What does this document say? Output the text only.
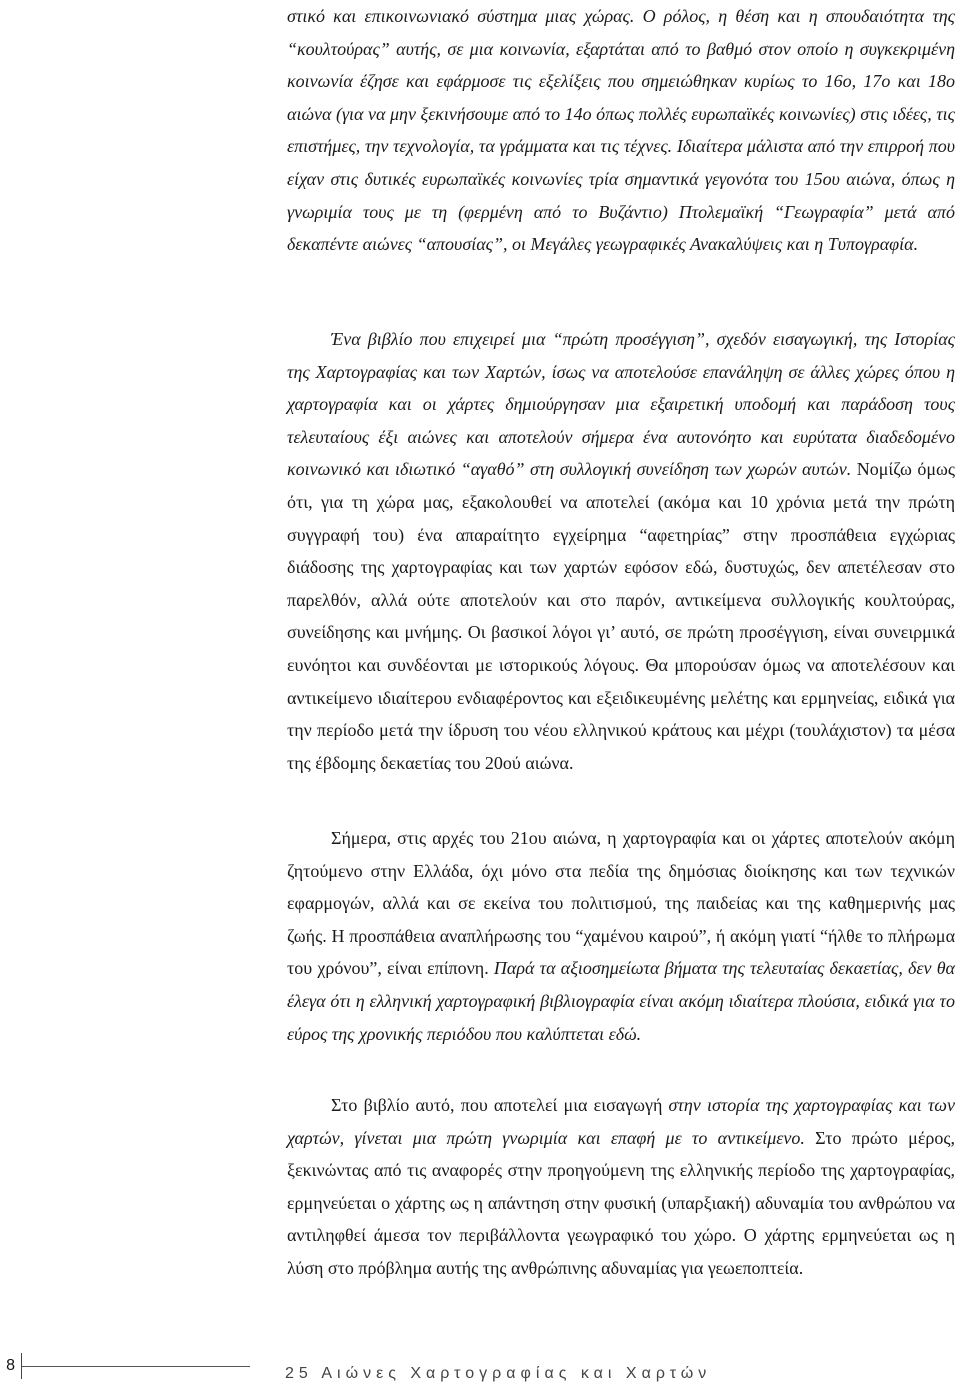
στικό και επικοινωνιακό σύστημα μιας χώρας. Ο ρόλος, η θέση και η σπουδαιότητα της “κουλτούρας” αυτής, σε μια κοινωνία, εξαρτάται από το βαθμό στον οποίο η συγκεκριμένη κοινωνία έζησε και εφάρμοσε τις εξελίξεις που σημειώθηκαν κυρίως το 16ο, 17ο και 18ο αιώνα (για να μην ξεκινήσουμε από το 14ο όπως πολλές ευρωπαϊκές κοινωνίες) στις ιδέες, τις επιστήμες, την τεχνολογία, τα γράμματα και τις τέχνες. Ιδιαίτερα μάλιστα από την επιρροή που είχαν στις δυτικές ευρωπαϊκές κοινωνίες τρία σημαντικά γεγονότα του 15ου αιώνα, όπως η γνωριμία τους με τη (φερμένη από το Βυζάντιο) Πτολεμαϊκή “Γεωγραφία” μετά από δεκαπέντε αιώνες “απουσίας”, οι Μεγάλες γεωγραφικές Ανακαλύψεις και η Τυπογραφία.

Ένα βιβλίο που επιχειρεί μια “πρώτη προσέγγιση”, σχεδόν εισαγωγική, της Ιστορίας της Χαρτογραφίας και των Χαρτών, ίσως να αποτελούσε επανάληψη σε άλλες χώρες όπου η χαρτογραφία και οι χάρτες δημιούργησαν μια εξαιρετική υποδομή και παράδοση τους τελευταίους έξι αιώνες και αποτελούν σήμερα ένα αυτονόητο και ευρύτατα διαδεδομένο κοινωνικό και ιδιωτικό “αγαθό” στη συλλογική συνείδηση των χωρών αυτών. Νομίζω όμως ότι, για τη χώρα μας, εξακολουθεί να αποτελεί (ακόμα και 10 χρόνια μετά την πρώτη συγγραφή του) ένα απαραίτητο εγχείρημα “αφετηρίας” στην προσπάθεια εγχώριας διάδοσης της χαρτογραφίας και των χαρτών εφόσον εδώ, δυστυχώς, δεν απετέλεσαν στο παρελθόν, αλλά ούτε αποτελούν και στο παρόν, αντικείμενα συλλογικής κουλτούρας, συνείδησης και μνήμης. Οι βασικοί λόγοι γι’ αυτό, σε πρώτη προσέγγιση, είναι συνειρμικά ευνόητοι και συνδέονται με ιστορικούς λόγους. Θα μπορούσαν όμως να αποτελέσουν και αντικείμενο ιδιαίτερου ενδιαφέροντος και εξειδικευμένης μελέτης και ερμηνείας, ειδικά για την περίοδο μετά την ίδρυση του νέου ελληνικού κράτους και μέχρι (τουλάχιστον) τα μέσα της έβδομης δεκαετίας του 20ού αιώνα.

Σήμερα, στις αρχές του 21ου αιώνα, η χαρτογραφία και οι χάρτες αποτελούν ακόμη ζητούμενο στην Ελλάδα, όχι μόνο στα πεδία της δημόσιας διοίκησης και των τεχνικών εφαρμογών, αλλά και σε εκείνα του πολιτισμού, της παιδείας και της καθημερινής μας ζωής. Η προσπάθεια αναπλήρωσης του “χαμένου καιρού”, ή ακόμη γιατί “ήλθε το πλήρωμα του χρόνου”, είναι επίπονη. Παρά τα αξιοσημείωτα βήματα της τελευταίας δεκαετίας, δεν θα έλεγα ότι η ελληνική χαρτογραφική βιβλιογραφία είναι ακόμη ιδιαίτερα πλούσια, ειδικά για το εύρος της χρονικής περιόδου που καλύπτεται εδώ.

Στο βιβλίο αυτό, που αποτελεί μια εισαγωγή στην ιστορία της χαρτογραφίας και των χαρτών, γίνεται μια πρώτη γνωριμία και επαφή με το αντικείμενο. Στο πρώτο μέρος, ξεκινώντας από τις αναφορές στην προηγούμενη της ελληνικής περίοδο της χαρτογραφίας, ερμηνεύεται ο χάρτης ως η απάντηση στην φυσική (υπαρξιακή) αδυναμία του ανθρώπου να αντιληφθεί άμεσα τον περιβάλλοντα γεωγραφικό του χώρο. Ο χάρτης ερμηνεύεται ως η λύση στο πρόβλημα αυτής της ανθρώπινης αδυναμίας για γεωεποπτεία.

8	25 Αιώνες Χαρτογραφίας και Χαρτών
